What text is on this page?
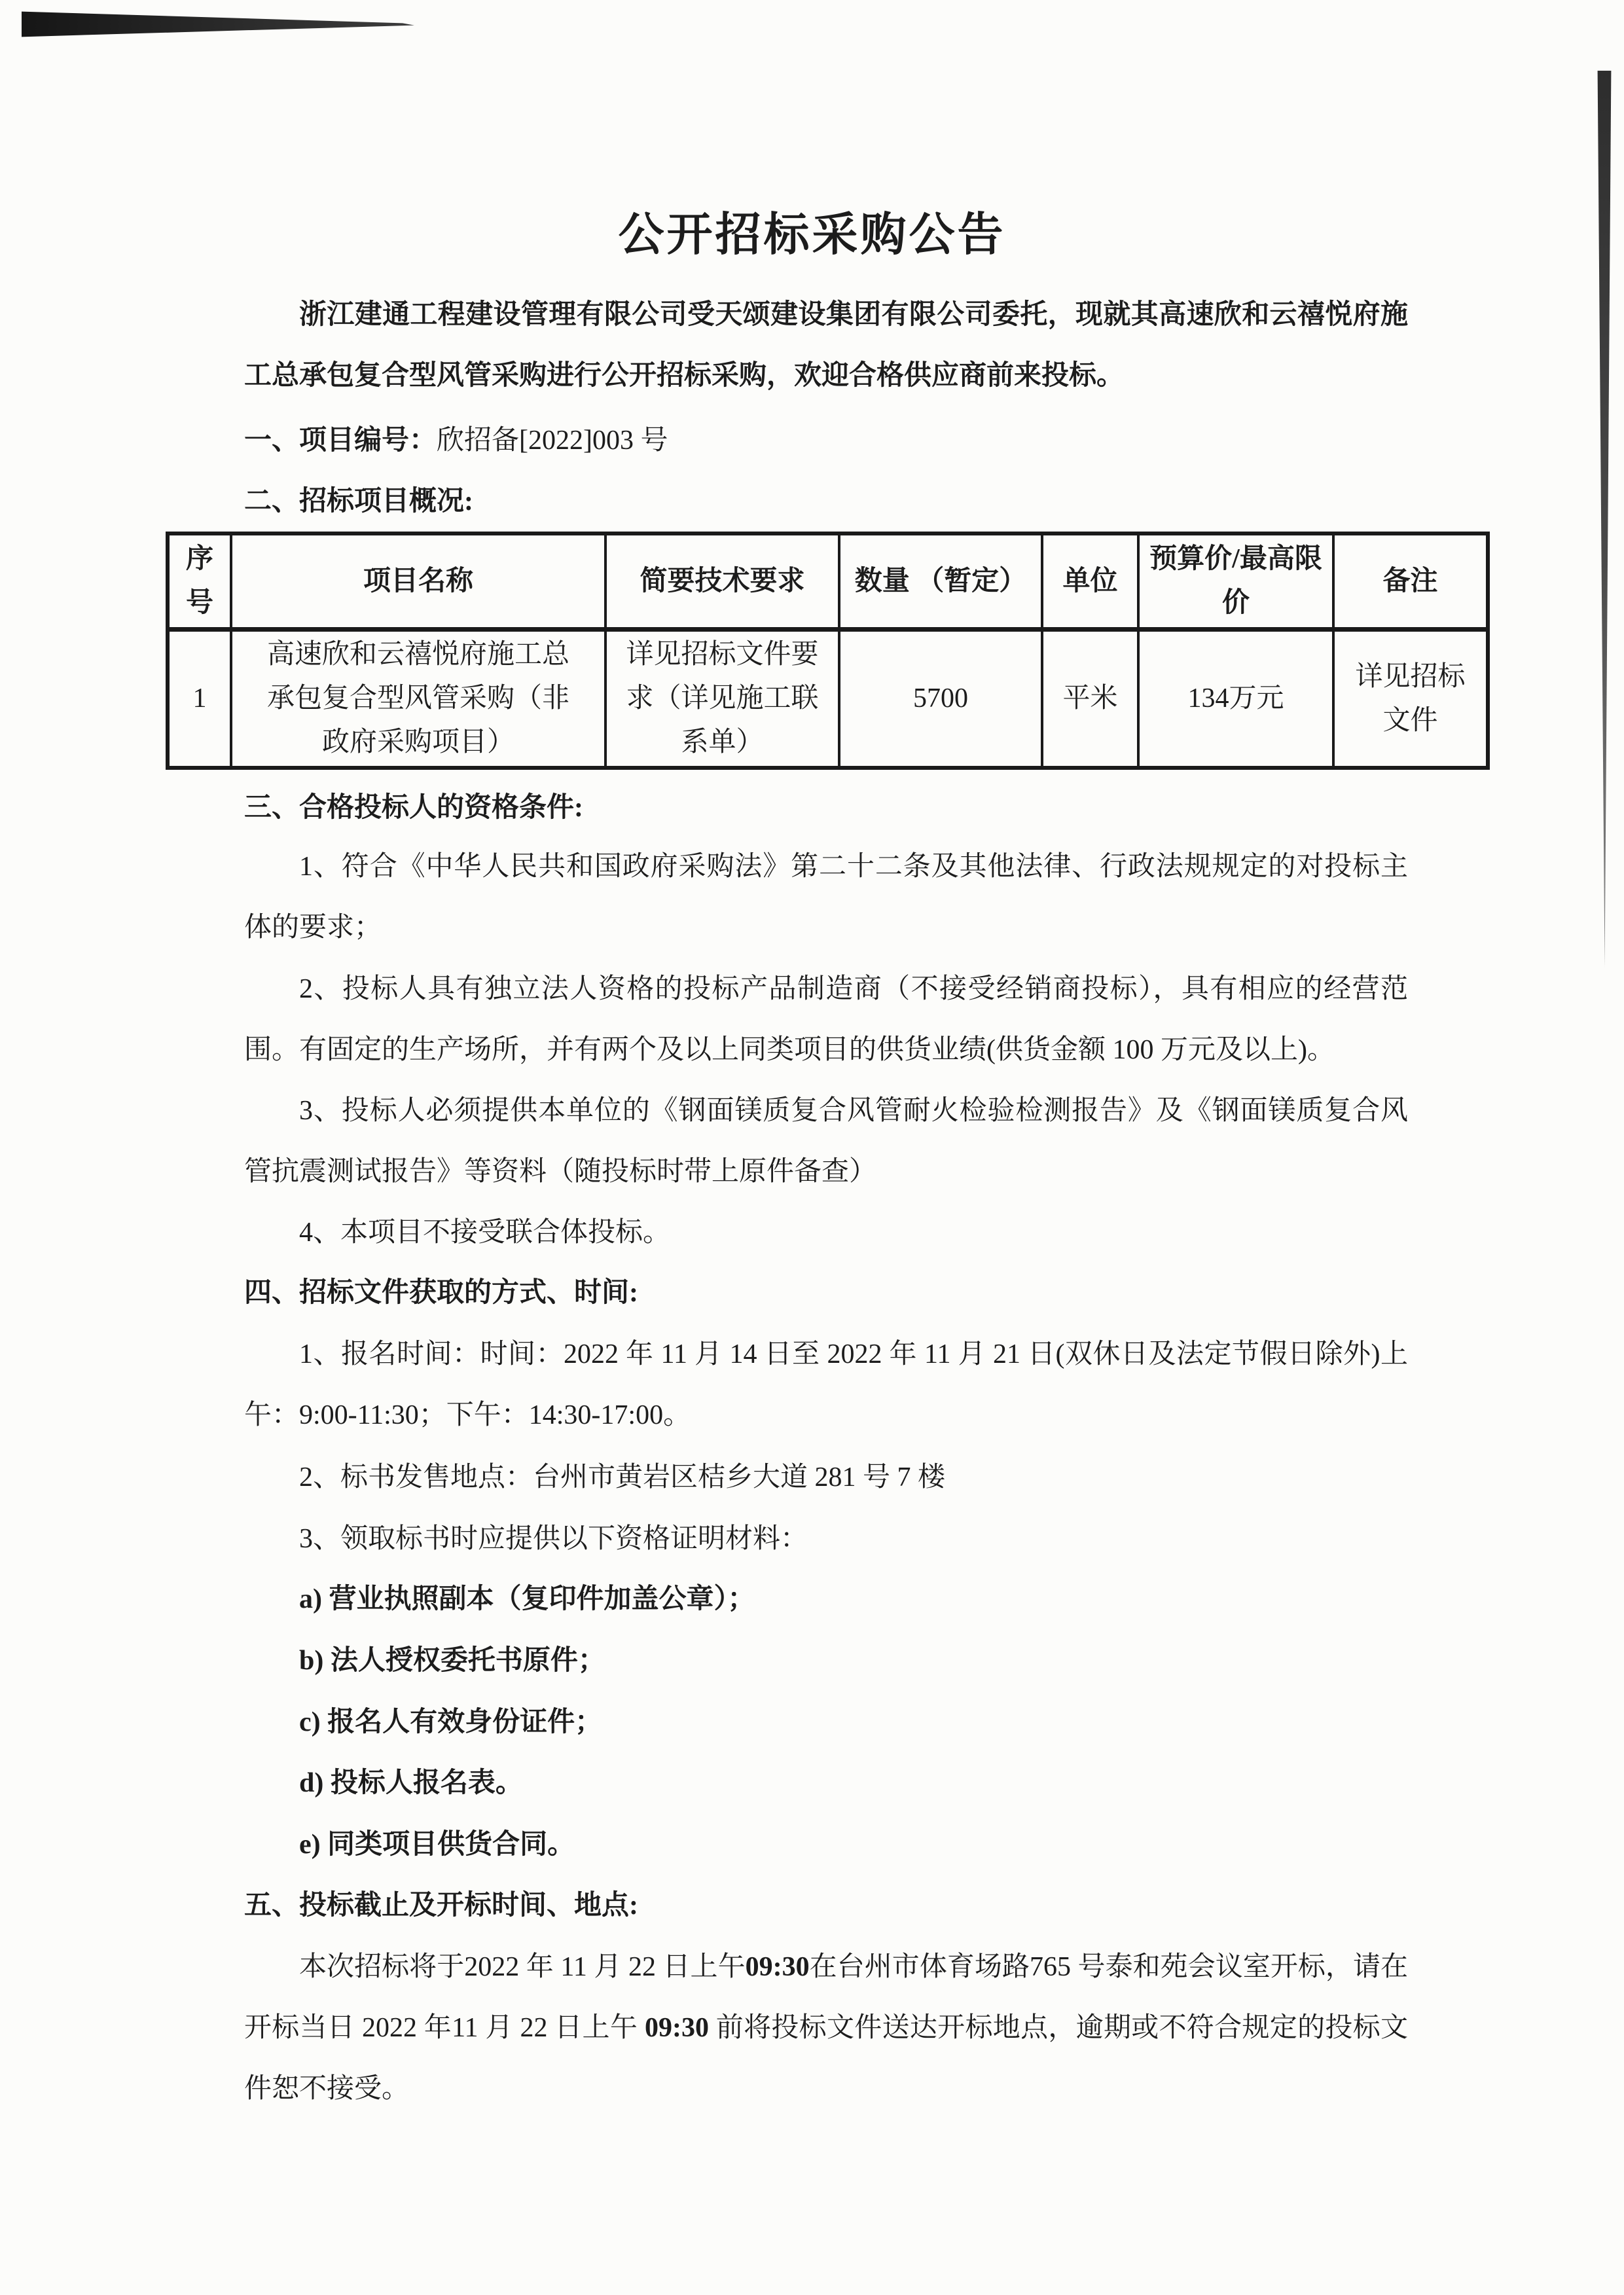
公开招标采购公告
浙江建通工程建设管理有限公司受天颂建设集团有限公司委托，现就其高速欣和云禧悦府施工总承包复合型风管采购进行公开招标采购，欢迎合格供应商前来投标。
一、项目编号：欣招备[2022]003 号
二、招标项目概况:
序号	项目名称	简要技术要求	数量 （暂定）	单位	预算价/最高限价	备注
1	高速欣和云禧悦府施工总承包复合型风管采购（非政府采购项目）	详见招标文件要求（详见施工联系单）	5700	平米	134万元	详见招标文件
三、合格投标人的资格条件:
1、符合《中华人民共和国政府采购法》第二十二条及其他法律、行政法规规定的对投标主体的要求；
2、投标人具有独立法人资格的投标产品制造商（不接受经销商投标），具有相应的经营范围。有固定的生产场所，并有两个及以上同类项目的供货业绩(供货金额 100 万元及以上)。
3、投标人必须提供本单位的《钢面镁质复合风管耐火检验检测报告》及《钢面镁质复合风管抗震测试报告》等资料（随投标时带上原件备查）
4、本项目不接受联合体投标。
四、招标文件获取的方式、时间:
1、报名时间：时间：2022 年 11 月 14 日至 2022 年 11 月 21 日(双休日及法定节假日除外)上午：9:00-11:30；下午：14:30-17:00。
2、标书发售地点：台州市黄岩区桔乡大道 281 号 7 楼
3、领取标书时应提供以下资格证明材料：
a) 营业执照副本（复印件加盖公章）；
b) 法人授权委托书原件；
c) 报名人有效身份证件；
d) 投标人报名表。
e) 同类项目供货合同。
五、投标截止及开标时间、地点:
本次招标将于2022 年 11 月 22 日上午09:30在台州市体育场路765 号泰和苑会议室开标，请在开标当日 2022 年11 月 22 日上午 09:30 前将投标文件送达开标地点，逾期或不符合规定的投标文件恕不接受。
